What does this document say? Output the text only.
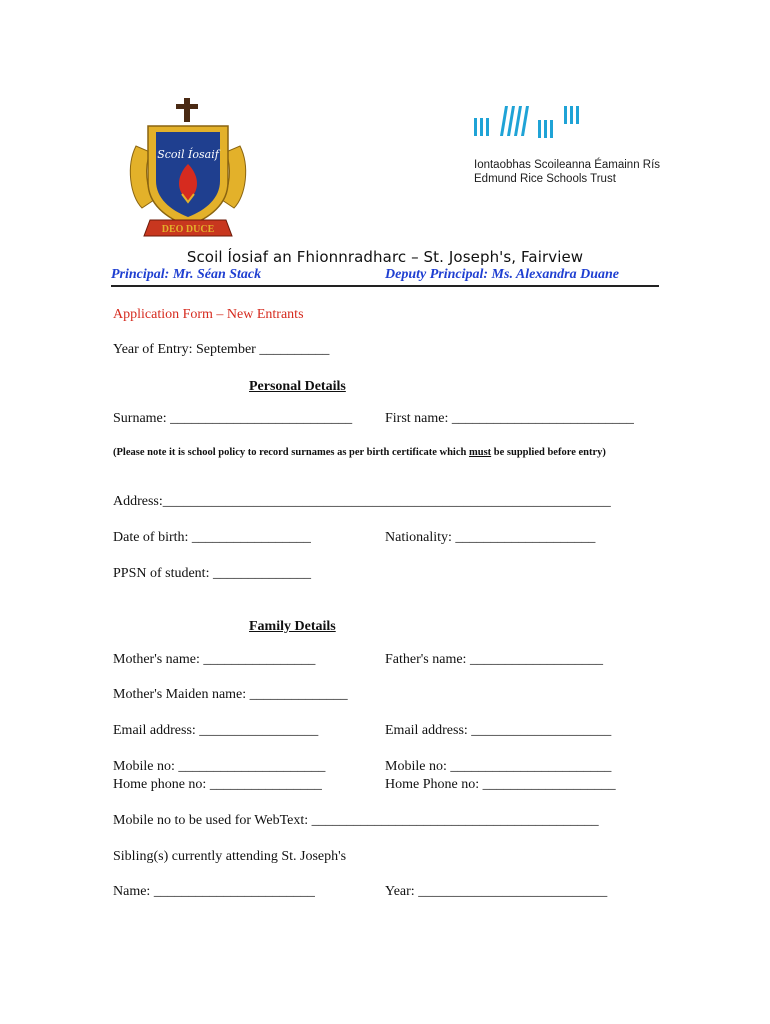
Scoil Íosaif
DEO DUCE
Iontaobhas Scoileanna Éamainn Rís
Edmund Rice Schools Trust
Scoil Íosiaf an Fhionnradharc – St. Joseph's, Fairview
Principal: Mr. Séan Stack	Deputy Principal: Ms. Alexandra Duane
Application Form – New Entrants
Year of Entry: September __________
Personal Details
Surname: __________________________ First name: __________________________
(Please note it is school policy to record surnames as per birth certificate which must be supplied before entry)
Address:________________________________________________________________
Date of birth: _________________	Nationality: ____________________
PPSN of student: ______________
Family Details
Mother's name: ________________	Father's name: ___________________
Mother's Maiden name: ______________
Email address: _________________	Email address: ____________________
Mobile no: _____________________	Mobile no: _______________________
Home phone no: ________________	Home Phone no: ___________________
Mobile no to be used for WebText: _________________________________________
Sibling(s) currently attending St. Joseph's
Name: _______________________	Year: ___________________________
